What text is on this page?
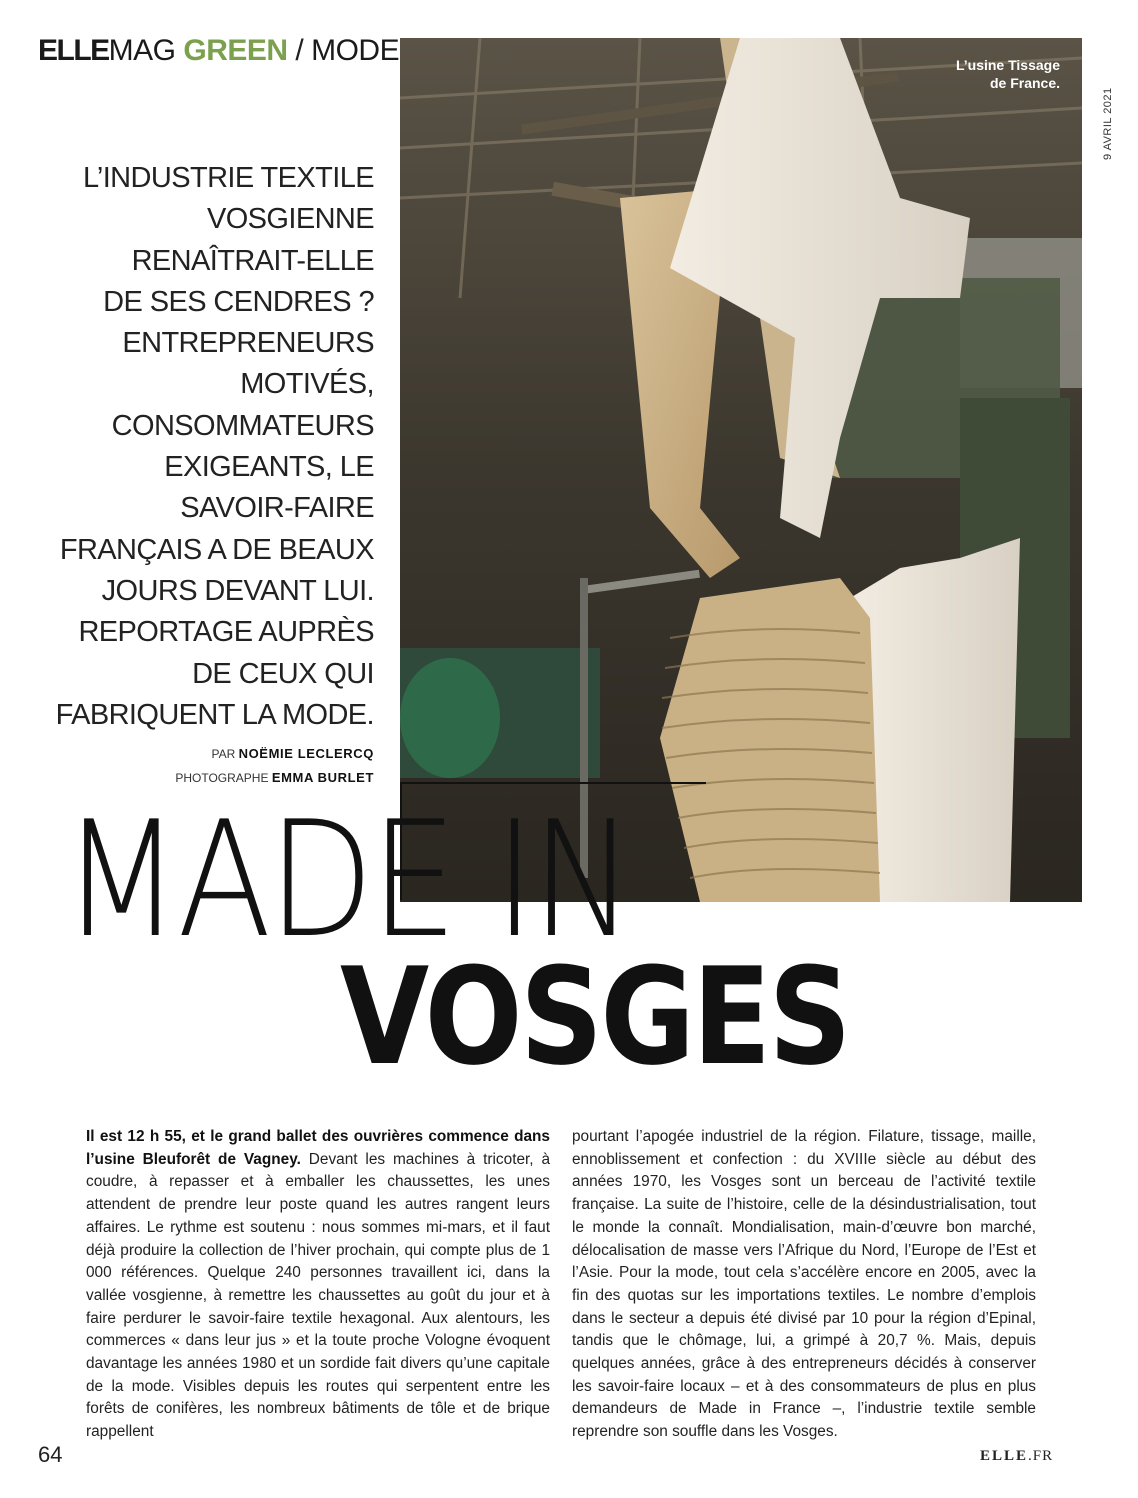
ELLEMAG GREEN / MODE	L’usine Tissage
de France.
9 AVRIL 2021
L’INDUSTRIE TEXTILE
VOSGIENNE
RENAÎTRAIT-ELLE
DE SES CENDRES ?
ENTREPRENEURS
MOTIVÉS,
CONSOMMATEURS
EXIGEANTS, LE
SAVOIR-FAIRE
FRANÇAIS A DE BEAUX
JOURS DEVANT LUI.
REPORTAGE AUPRÈS
DE CEUX QUI
FABRIQUENT LA MODE.
PAR NOËMIE LECLERCQ
PHOTOGRAPHE EMMA BURLET
MADE IN
VOSGES
Il est 12 h 55, et le grand ballet des ouvrières commence dans l’usine Bleuforêt de Vagney. Devant les machines à tricoter, à coudre, à repasser et à emballer les chaussettes, les unes attendent de prendre leur poste quand les autres rangent leurs affaires. Le rythme est soutenu : nous sommes mi-mars, et il faut déjà produire la collection de l’hiver prochain, qui compte plus de 1 000 références. Quelque 240 personnes travaillent ici, dans la vallée vosgienne, à remettre les chaussettes au goût du jour et à faire perdurer le savoir-faire textile hexagonal. Aux alentours, les commerces « dans leur jus » et la toute proche Vologne évoquent davantage les années 1980 et un sordide fait divers qu’une capitale de la mode. Visibles depuis les routes qui serpentent entre les forêts de conifères, les nombreux bâtiments de tôle et de brique rappellent
pourtant l’apogée industriel de la région. Filature, tissage, maille, ennoblissement et confection : du XVIIIe siècle au début des années 1970, les Vosges sont un berceau de l’activité textile française. La suite de l’histoire, celle de la désindustrialisation, tout le monde la connaît. Mondialisation, main-d’œuvre bon marché, délocalisation de masse vers l’Afrique du Nord, l’Europe de l’Est et l’Asie. Pour la mode, tout cela s’accélère encore en 2005, avec la fin des quotas sur les importations textiles. Le nombre d’emplois dans le secteur a depuis été divisé par 10 pour la région d’Epinal, tandis que le chômage, lui, a grimpé à 20,7 %. Mais, depuis quelques années, grâce à des entrepreneurs décidés à conserver les savoir-faire locaux – et à des consommateurs de plus en plus demandeurs de Made in France –, l’industrie textile semble reprendre son souffle dans les Vosges.
64	ELLE.FR
